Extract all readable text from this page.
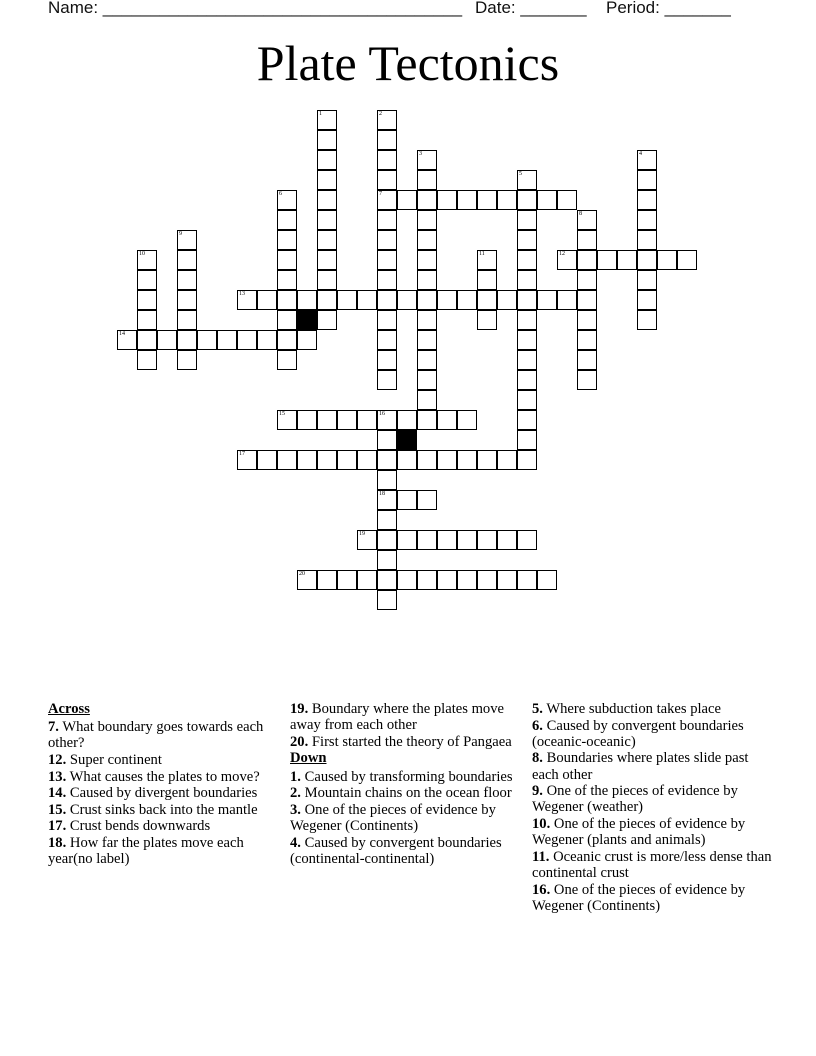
Name: ______________________________________ Date: _______ Period: _______
Plate Tectonics
1	2
7
3	4
5
6
8
9
10	11	12
13
14
15	16
18
17
19
20
Across
7. What boundary goes towards each other?
12. Super continent
13. What causes the plates to move?
14. Caused by divergent boundaries
15. Crust sinks back into the mantle
17. Crust bends downwards
18. How far the plates move each year(no label)
19. Boundary where the plates move away from each other
20. First started the theory of Pangaea
Down
1. Caused by transforming boundaries
2. Mountain chains on the ocean floor
3. One of the pieces of evidence by Wegener (Continents)
4. Caused by convergent boundaries (continental-continental)
5. Where subduction takes place
6. Caused by convergent boundaries (oceanic-oceanic)
8. Boundaries where plates slide past each other
9. One of the pieces of evidence by Wegener (weather)
10. One of the pieces of evidence by Wegener (plants and animals)
11. Oceanic crust is more/less dense than continental crust
16. One of the pieces of evidence by Wegener (Continents)
